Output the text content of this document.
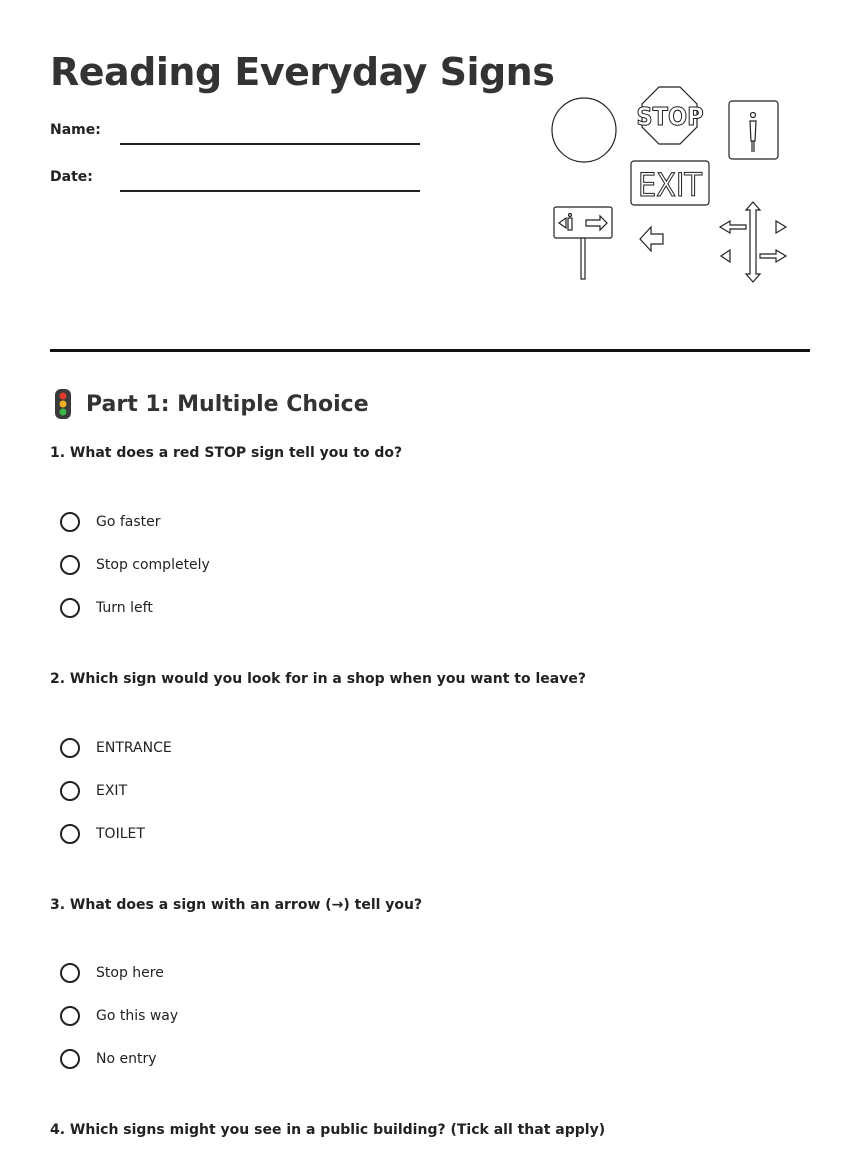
Reading Everyday Signs
Name:
Date:
STOP
EXIT
Part 1: Multiple Choice

1. What does a red STOP sign tell you to do?

Go faster
Stop completely
Turn left

2. Which sign would you look for in a shop when you want to leave?

ENTRANCE
EXIT
TOILET

3. What does a sign with an arrow (→) tell you?

Stop here
Go this way
No entry

4. Which signs might you see in a public building? (Tick all that apply)
